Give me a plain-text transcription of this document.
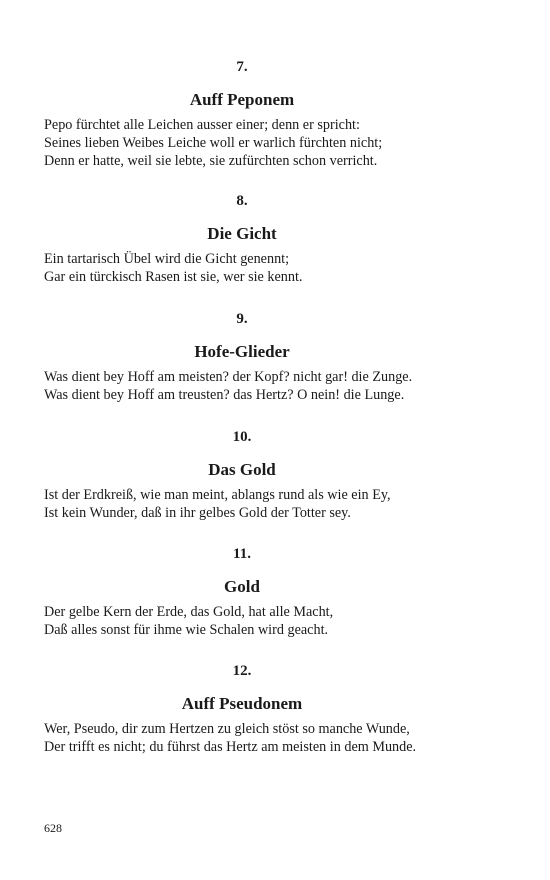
7.

Auff Peponem
Pepo fürchtet alle Leichen ausser einer; denn er spricht:
Seines lieben Weibes Leiche woll er warlich fürchten nicht;
Denn er hatte, weil sie lebte, sie zufürchten schon verricht.

8.

Die Gicht
Ein tartarisch Übel wird die Gicht genennt;
Gar ein türckisch Rasen ist sie, wer sie kennt.

9.

Hofe-Glieder
Was dient bey Hoff am meisten? der Kopf? nicht gar! die Zunge.
Was dient bey Hoff am treusten? das Hertz? O nein! die Lunge.

10.

Das Gold
Ist der Erdkreiß, wie man meint, ablangs rund als wie ein Ey,
Ist kein Wunder, daß in ihr gelbes Gold der Totter sey.

11.

Gold
Der gelbe Kern der Erde, das Gold, hat alle Macht,
Daß alles sonst für ihme wie Schalen wird geacht.

12.

Auff Pseudonem
Wer, Pseudo, dir zum Hertzen zu gleich stöst so manche Wunde,
Der trifft es nicht; du führst das Hertz am meisten in dem Munde.
628
